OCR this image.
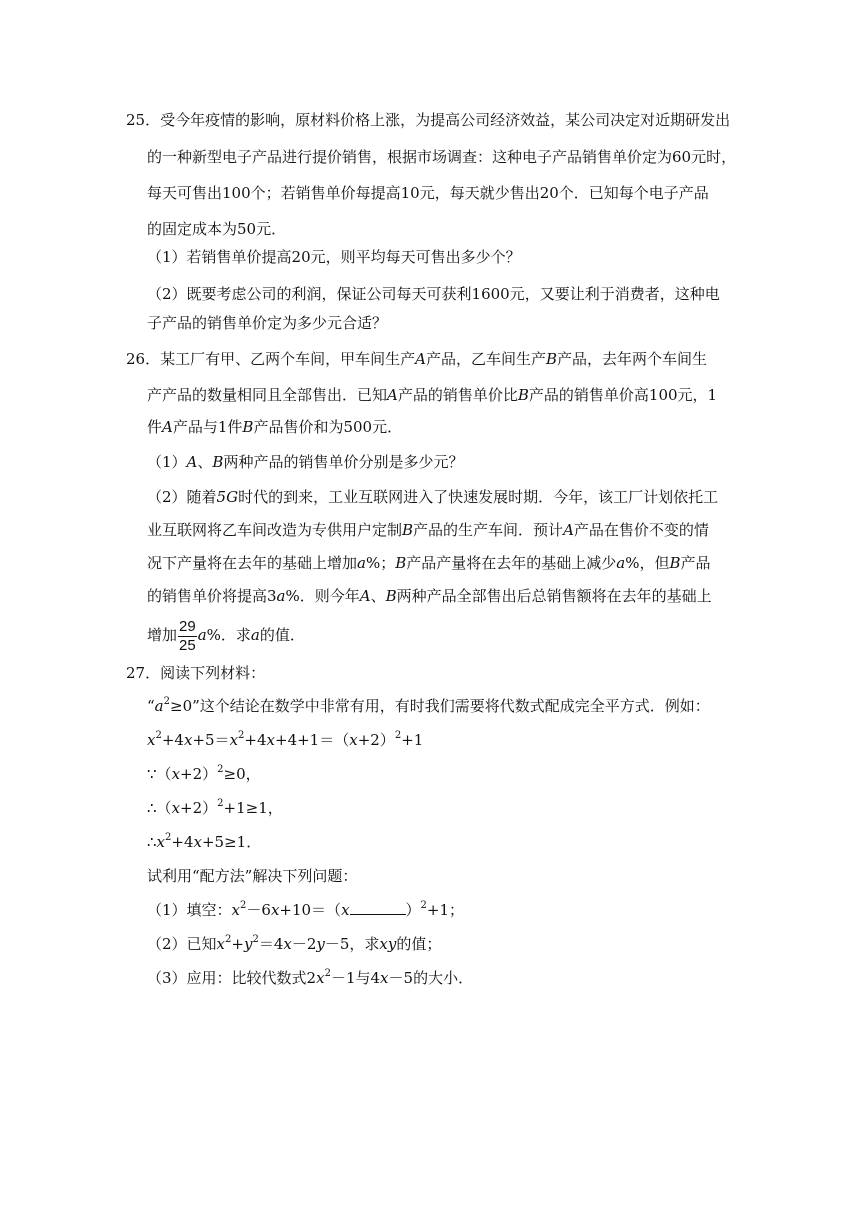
25．受今年疫情的影响，原材料价格上涨，为提高公司经济效益，某公司决定对近期研发出
的一种新型电子产品进行提价销售，根据市场调查：这种电子产品销售单价定为60元时，
每天可售出100个；若销售单价每提高10元，每天就少售出20个．已知每个电子产品
的固定成本为50元．
（1）若销售单价提高20元，则平均每天可售出多少个？
（2）既要考虑公司的利润，保证公司每天可获利1600元，又要让利于消费者，这种电
子产品的销售单价定为多少元合适？
26．某工厂有甲、乙两个车间，甲车间生产A产品，乙车间生产B产品，去年两个车间生
产产品的数量相同且全部售出．已知A产品的销售单价比B产品的销售单价高100元，1
件A产品与1件B产品售价和为500元．
（1）A、B两种产品的销售单价分别是多少元？
（2）随着5G时代的到来，工业互联网进入了快速发展时期．今年，该工厂计划依托工
业互联网将乙车间改造为专供用户定制B产品的生产车间．预计A产品在售价不变的情
况下产量将在去年的基础上增加a%；B产品产量将在去年的基础上减少a%，但B产品
的销售单价将提高3a%．则今年A、B两种产品全部售出后总销售额将在去年的基础上
增加 $\frac{29}{25} a\%$．求a的值．
27．阅读下列材料：
“$a^2\ge 0$”这个结论在数学中非常有用，有时我们需要将代数式配成完全平方式．例如：
$x^2+4x+5=x^2+4x+4+1=(x+2)^2+1$
$\because(x+2)^2\ge 0$，
$\therefore(x+2)^2+1\ge 1$，
$\therefore x^2+4x+5\ge 1$．
试利用“配方法”解决下列问题：
（1）填空：$x^2-6x+10=(x$	）$^2$+1；
（2）已知$x^2+y^2=4x-2y-5$，求xy的值；
（3）应用：比较代数式$2x^2-1$与4x－5的大小．
